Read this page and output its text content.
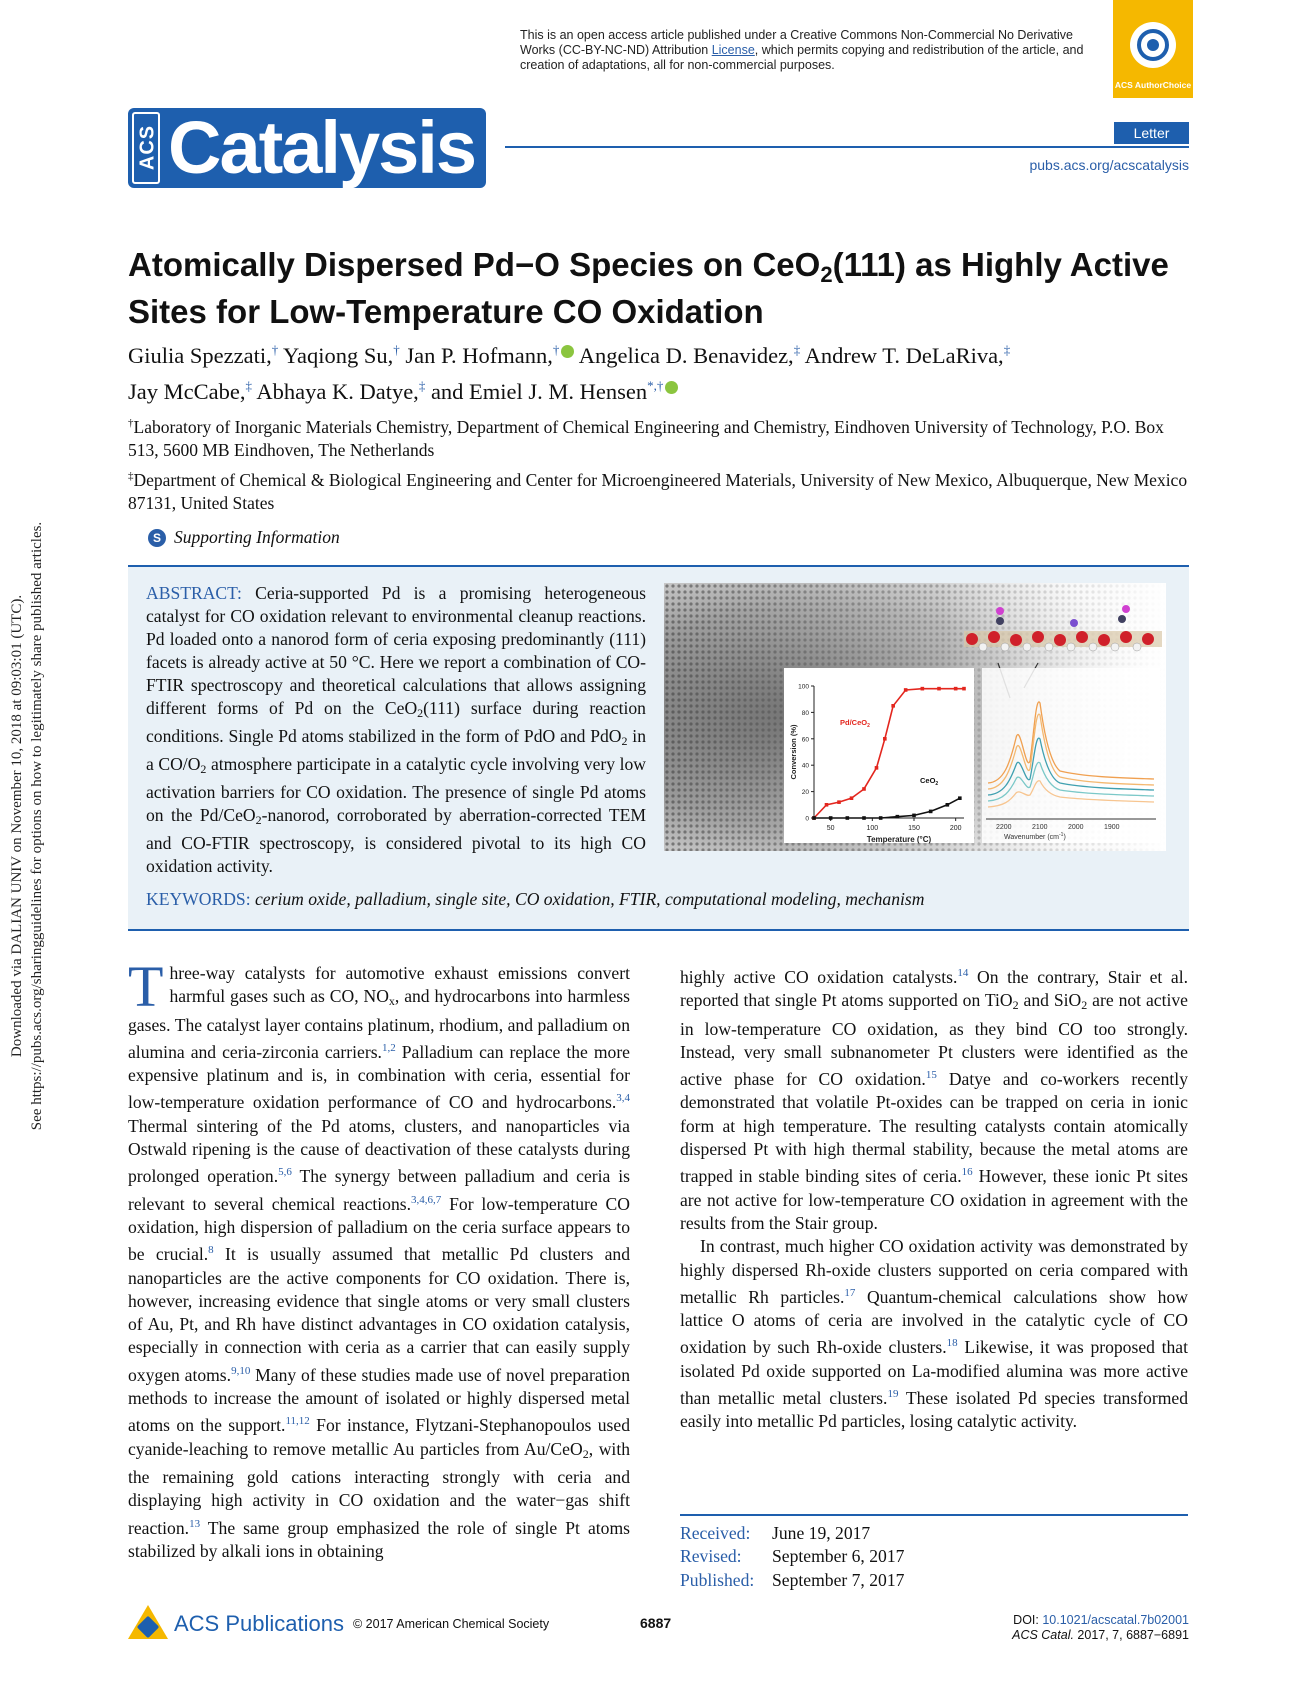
This is an open access article published under a Creative Commons Non-Commercial No Derivative Works (CC-BY-NC-ND) Attribution License, which permits copying and redistribution of the article, and creation of adaptations, all for non-commercial purposes.
ACS AuthorChoice
ACS Catalysis	Letter
pubs.acs.org/acscatalysis
Atomically Dispersed Pd−O Species on CeO$_2$(111) as Highly Active
Sites for Low-Temperature CO Oxidation
Giulia Spezzati,† Yaqiong Su,† Jan P. Hofmann,† Angelica D. Benavidez,‡ Andrew T. DeLaRiva,‡
Jay McCabe,‡ Abhaya K. Datye,‡ and Emiel J. M. Hensen*,†
†Laboratory of Inorganic Materials Chemistry, Department of Chemical Engineering and Chemistry, Eindhoven University of Technology, P.O. Box 513, 5600 MB Eindhoven, The Netherlands
‡Department of Chemical & Biological Engineering and Center for Microengineered Materials, University of New Mexico, Albuquerque, New Mexico 87131, United States
S Supporting Information
ABSTRACT: Ceria-supported Pd is a promising heterogeneous catalyst for CO oxidation relevant to environmental cleanup reactions. Pd loaded onto a nanorod form of ceria exposing predominantly (111) facets is already active at 50 °C. Here we report a combination of CO-FTIR spectroscopy and theoretical calculations that allows assigning different forms of Pd on the CeO$_2$(111) surface during reaction conditions. Single Pd atoms stabilized in the form of PdO and PdO$_2$ in a $CO/O_2$ atmosphere participate in a catalytic cycle involving very low activation barriers for CO oxidation. The presence of single Pd atoms on the Pd/CeO$_2$-nanorod, corroborated by aberration-corrected TEM and CO-FTIR spectroscopy, is considered pivotal to its high CO oxidation activity.
KEYWORDS: cerium oxide, palladium, single site, CO oxidation, FTIR, computational modeling, mechanism
50	100	150	200
0
20
40
60
80
100
Temperature (°C)
Conversion (%)
Pd/CeO$_2$
CeO$_2$
2200	2100	2000	1900
Wavenumber $(cm^{-1})$
T hree-way catalysts for automotive exhaust emissions convert harmful gases such as CO, $NO_x$, and hydrocarbons into harmless gases. The catalyst layer contains platinum, rhodium, and palladium on alumina and ceria-zirconia carriers.$^{1,2}$ Palladium can replace the more expensive platinum and is, in combination with ceria, essential for low-temperature oxidation performance of CO and hydrocarbons.$^{3,4}$ Thermal sintering of the Pd atoms, clusters, and nanoparticles via Ostwald ripening is the cause of deactivation of these catalysts during prolonged operation.$^{5,6}$ The synergy between palladium and ceria is relevant to several chemical reactions.$^{3,4,6,7}$ For low-temperature CO oxidation, high dispersion of palladium on the ceria surface appears to be crucial.$^8$ It is usually assumed that metallic Pd clusters and nanoparticles are the active components for CO oxidation. There is, however, increasing evidence that single atoms or very small clusters of Au, Pt, and Rh have distinct advantages in CO oxidation catalysis, especially in connection with ceria as a carrier that can easily supply oxygen atoms.$^{9,10}$ Many of these studies made use of novel preparation methods to increase the amount of isolated or highly dispersed metal atoms on the support.$^{11,12}$ For instance, Flytzani-Stephanopoulos used cyanide-leaching to remove metallic Au particles from Au/CeO$_2$, with the remaining gold cations interacting strongly with ceria and displaying high activity in CO oxidation and the water−gas shift reaction.$^{13}$ The same group emphasized the role of single Pt atoms stabilized by alkali ions in obtaining

highly active CO oxidation catalysts.$^{14}$ On the contrary, Stair et al. reported that single Pt atoms supported on TiO$_2$ and SiO$_2$ are not active in low-temperature CO oxidation, as they bind CO too strongly. Instead, very small subnanometer Pt clusters were identified as the active phase for CO oxidation.$^{15}$ Datye and co-workers recently demonstrated that volatile Pt-oxides can be trapped on ceria in ionic form at high temperature. The resulting catalysts contain atomically dispersed Pt with high thermal stability, because the metal atoms are trapped in stable binding sites of ceria.$^{16}$ However, these ionic Pt sites are not active for low-temperature CO oxidation in agreement with the results from the Stair group.

In contrast, much higher CO oxidation activity was demonstrated by highly dispersed Rh-oxide clusters supported on ceria compared with metallic Rh particles.$^{17}$ Quantum-chemical calculations show how lattice O atoms of ceria are involved in the catalytic cycle of CO oxidation by such Rh-oxide clusters.$^{18}$ Likewise, it was proposed that isolated Pd oxide supported on La-modified alumina was more active than metallic metal clusters.$^{19}$ These isolated Pd species transformed easily into metallic Pd particles, losing catalytic activity.

Received: June 19, 2017
Revised: September 6, 2017
Published: September 7, 2017
Downloaded via DALIAN UNIV on November 10, 2018 at 09:03:01 (UTC). See https://pubs.acs.org/sharingguidelines for options on how to legitimately share published articles.
ACS Publications © 2017 American Chemical Society	6887	DOI: 10.1021/acscatal.7b02001
ACS Catal. 2017, 7, 6887−6891
